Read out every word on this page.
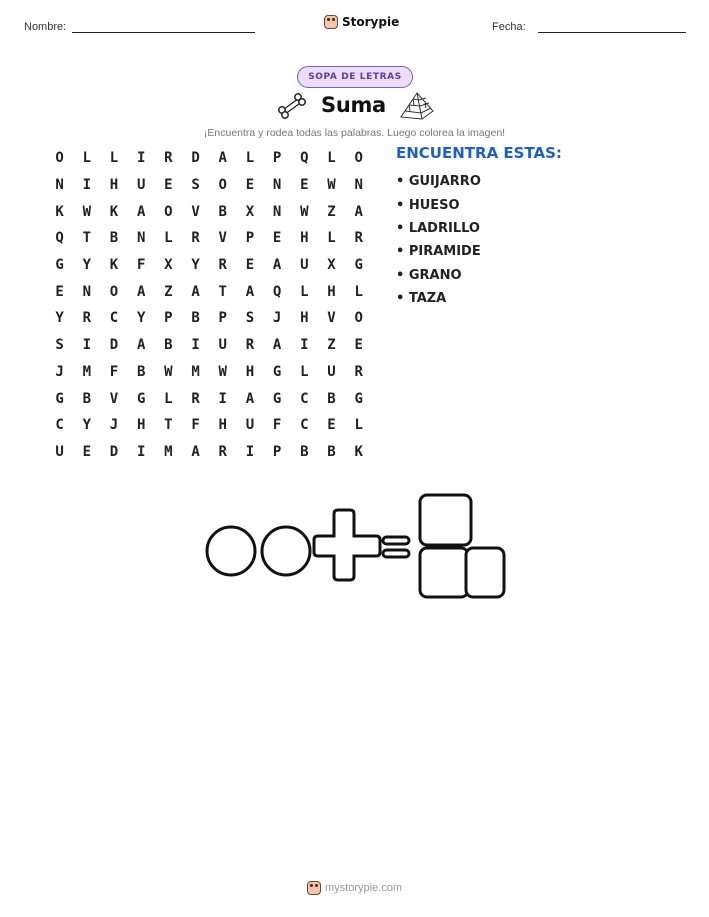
Nombre:	Storypie	Fecha:
SOPA DE LETRAS
Suma
¡Encuentra y rodea todas las palabras. Luego colorea la imagen!
O	L	L	I	R	D	A	L	P	Q	L	O
N	I	H	U	E	S	O	E	N	E	W	N
K	W	K	A	O	V	B	X	N	W	Z	A
Q	T	B	N	L	R	V	P	E	H	L	R
G	Y	K	F	X	Y	R	E	A	U	X	G
E	N	O	A	Z	A	T	A	Q	L	H	L
Y	R	C	Y	P	B	P	S	J	H	V	O
S	I	D	A	B	I	U	R	A	I	Z	E
J	M	F	B	W	M	W	H	G	L	U	R
G	B	V	G	L	R	I	A	G	C	B	G
C	Y	J	H	T	F	H	U	F	C	E	L
U	E	D	I	M	A	R	I	P	B	B	K
ENCUENTRA ESTAS:
• GUIJARRO
• HUESO
• LADRILLO
• PIRAMIDE
• GRANO
• TAZA
mystorypie.com
